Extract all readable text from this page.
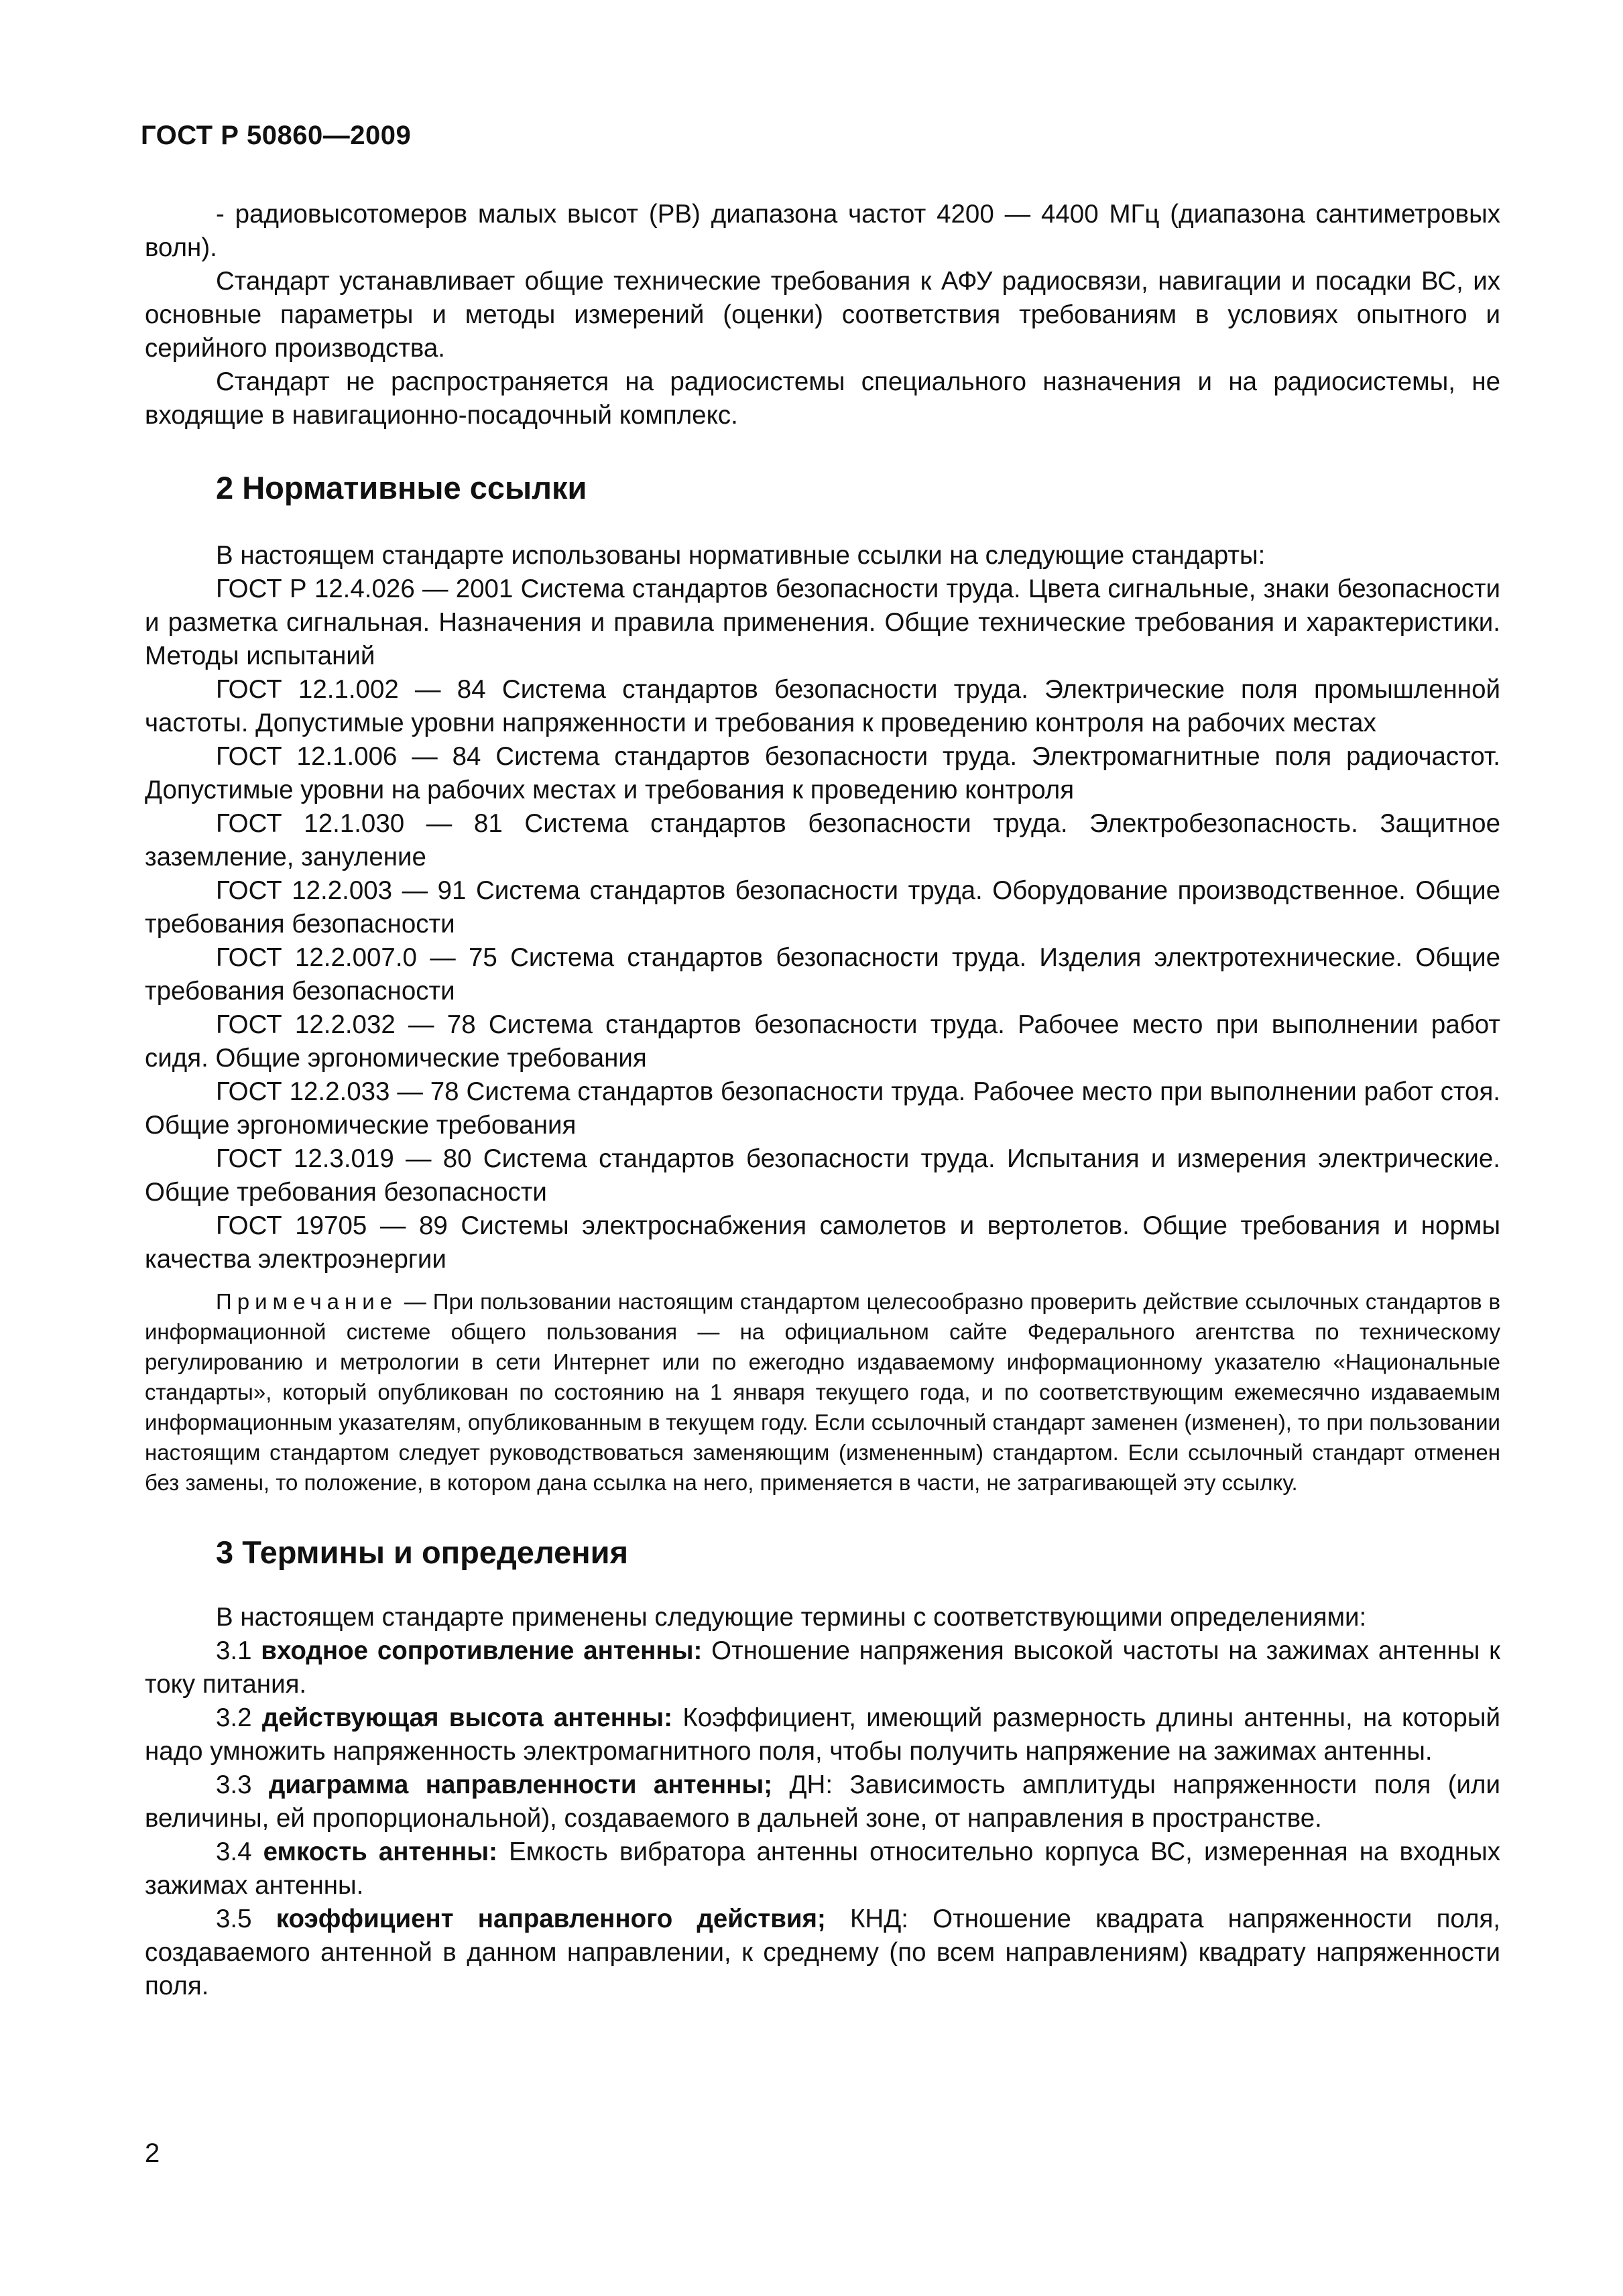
ГОСТ Р 50860—2009

- радиовысотомеров малых высот (РВ) диапазона частот 4200 — 4400 МГц (диапазона сантиметровых волн).

Стандарт устанавливает общие технические требования к АФУ радиосвязи, навигации и посадки ВС, их основные параметры и методы измерений (оценки) соответствия требованиям в условиях опытного и серийного производства.

Стандарт не распространяется на радиосистемы специального назначения и на радиосистемы, не входящие в навигационно-посадочный комплекс.

2 Нормативные ссылки

В настоящем стандарте использованы нормативные ссылки на следующие стандарты:

ГОСТ Р 12.4.026 — 2001 Система стандартов безопасности труда. Цвета сигнальные, знаки безопасности и разметка сигнальная. Назначения и правила применения. Общие технические требования и характеристики. Методы испытаний

ГОСТ 12.1.002 — 84 Система стандартов безопасности труда. Электрические поля промышленной частоты. Допустимые уровни напряженности и требования к проведению контроля на рабочих местах

ГОСТ 12.1.006 — 84 Система стандартов безопасности труда. Электромагнитные поля радиочастот. Допустимые уровни на рабочих местах и требования к проведению контроля

ГОСТ 12.1.030 — 81 Система стандартов безопасности труда. Электробезопасность. Защитное заземление, зануление

ГОСТ 12.2.003 — 91 Система стандартов безопасности труда. Оборудование производственное. Общие требования безопасности

ГОСТ 12.2.007.0 — 75 Система стандартов безопасности труда. Изделия электротехнические. Общие требования безопасности

ГОСТ 12.2.032 — 78 Система стандартов безопасности труда. Рабочее место при выполнении работ сидя. Общие эргономические требования

ГОСТ 12.2.033 — 78 Система стандартов безопасности труда. Рабочее место при выполнении работ стоя. Общие эргономические требования

ГОСТ 12.3.019 — 80 Система стандартов безопасности труда. Испытания и измерения электрические. Общие требования безопасности

ГОСТ 19705 — 89 Системы электроснабжения самолетов и вертолетов. Общие требования и нормы качества электроэнергии

Примечание — При пользовании настоящим стандартом целесообразно проверить действие ссылочных стандартов в информационной системе общего пользования — на официальном сайте Федерального агентства по техническому регулированию и метрологии в сети Интернет или по ежегодно издаваемому информационному указателю «Национальные стандарты», который опубликован по состоянию на 1 января текущего года, и по соответствующим ежемесячно издаваемым информационным указателям, опубликованным в текущем году. Если ссылочный стандарт заменен (изменен), то при пользовании настоящим стандартом следует руководствоваться заменяющим (измененным) стандартом. Если ссылочный стандарт отменен без замены, то положение, в котором дана ссылка на него, применяется в части, не затрагивающей эту ссылку.

3 Термины и определения

В настоящем стандарте применены следующие термины с соответствующими определениями:

3.1 входное сопротивление антенны: Отношение напряжения высокой частоты на зажимах антенны к току питания.

3.2 действующая высота антенны: Коэффициент, имеющий размерность длины антенны, на который надо умножить напряженность электромагнитного поля, чтобы получить напряжение на зажимах антенны.

3.3 диаграмма направленности антенны; ДН: Зависимость амплитуды напряженности поля (или величины, ей пропорциональной), создаваемого в дальней зоне, от направления в пространстве.

3.4 емкость антенны: Емкость вибратора антенны относительно корпуса ВС, измеренная на входных зажимах антенны.

3.5 коэффициент направленного действия; КНД: Отношение квадрата напряженности поля, создаваемого антенной в данном направлении, к среднему (по всем направлениям) квадрату напряженности поля.

2
